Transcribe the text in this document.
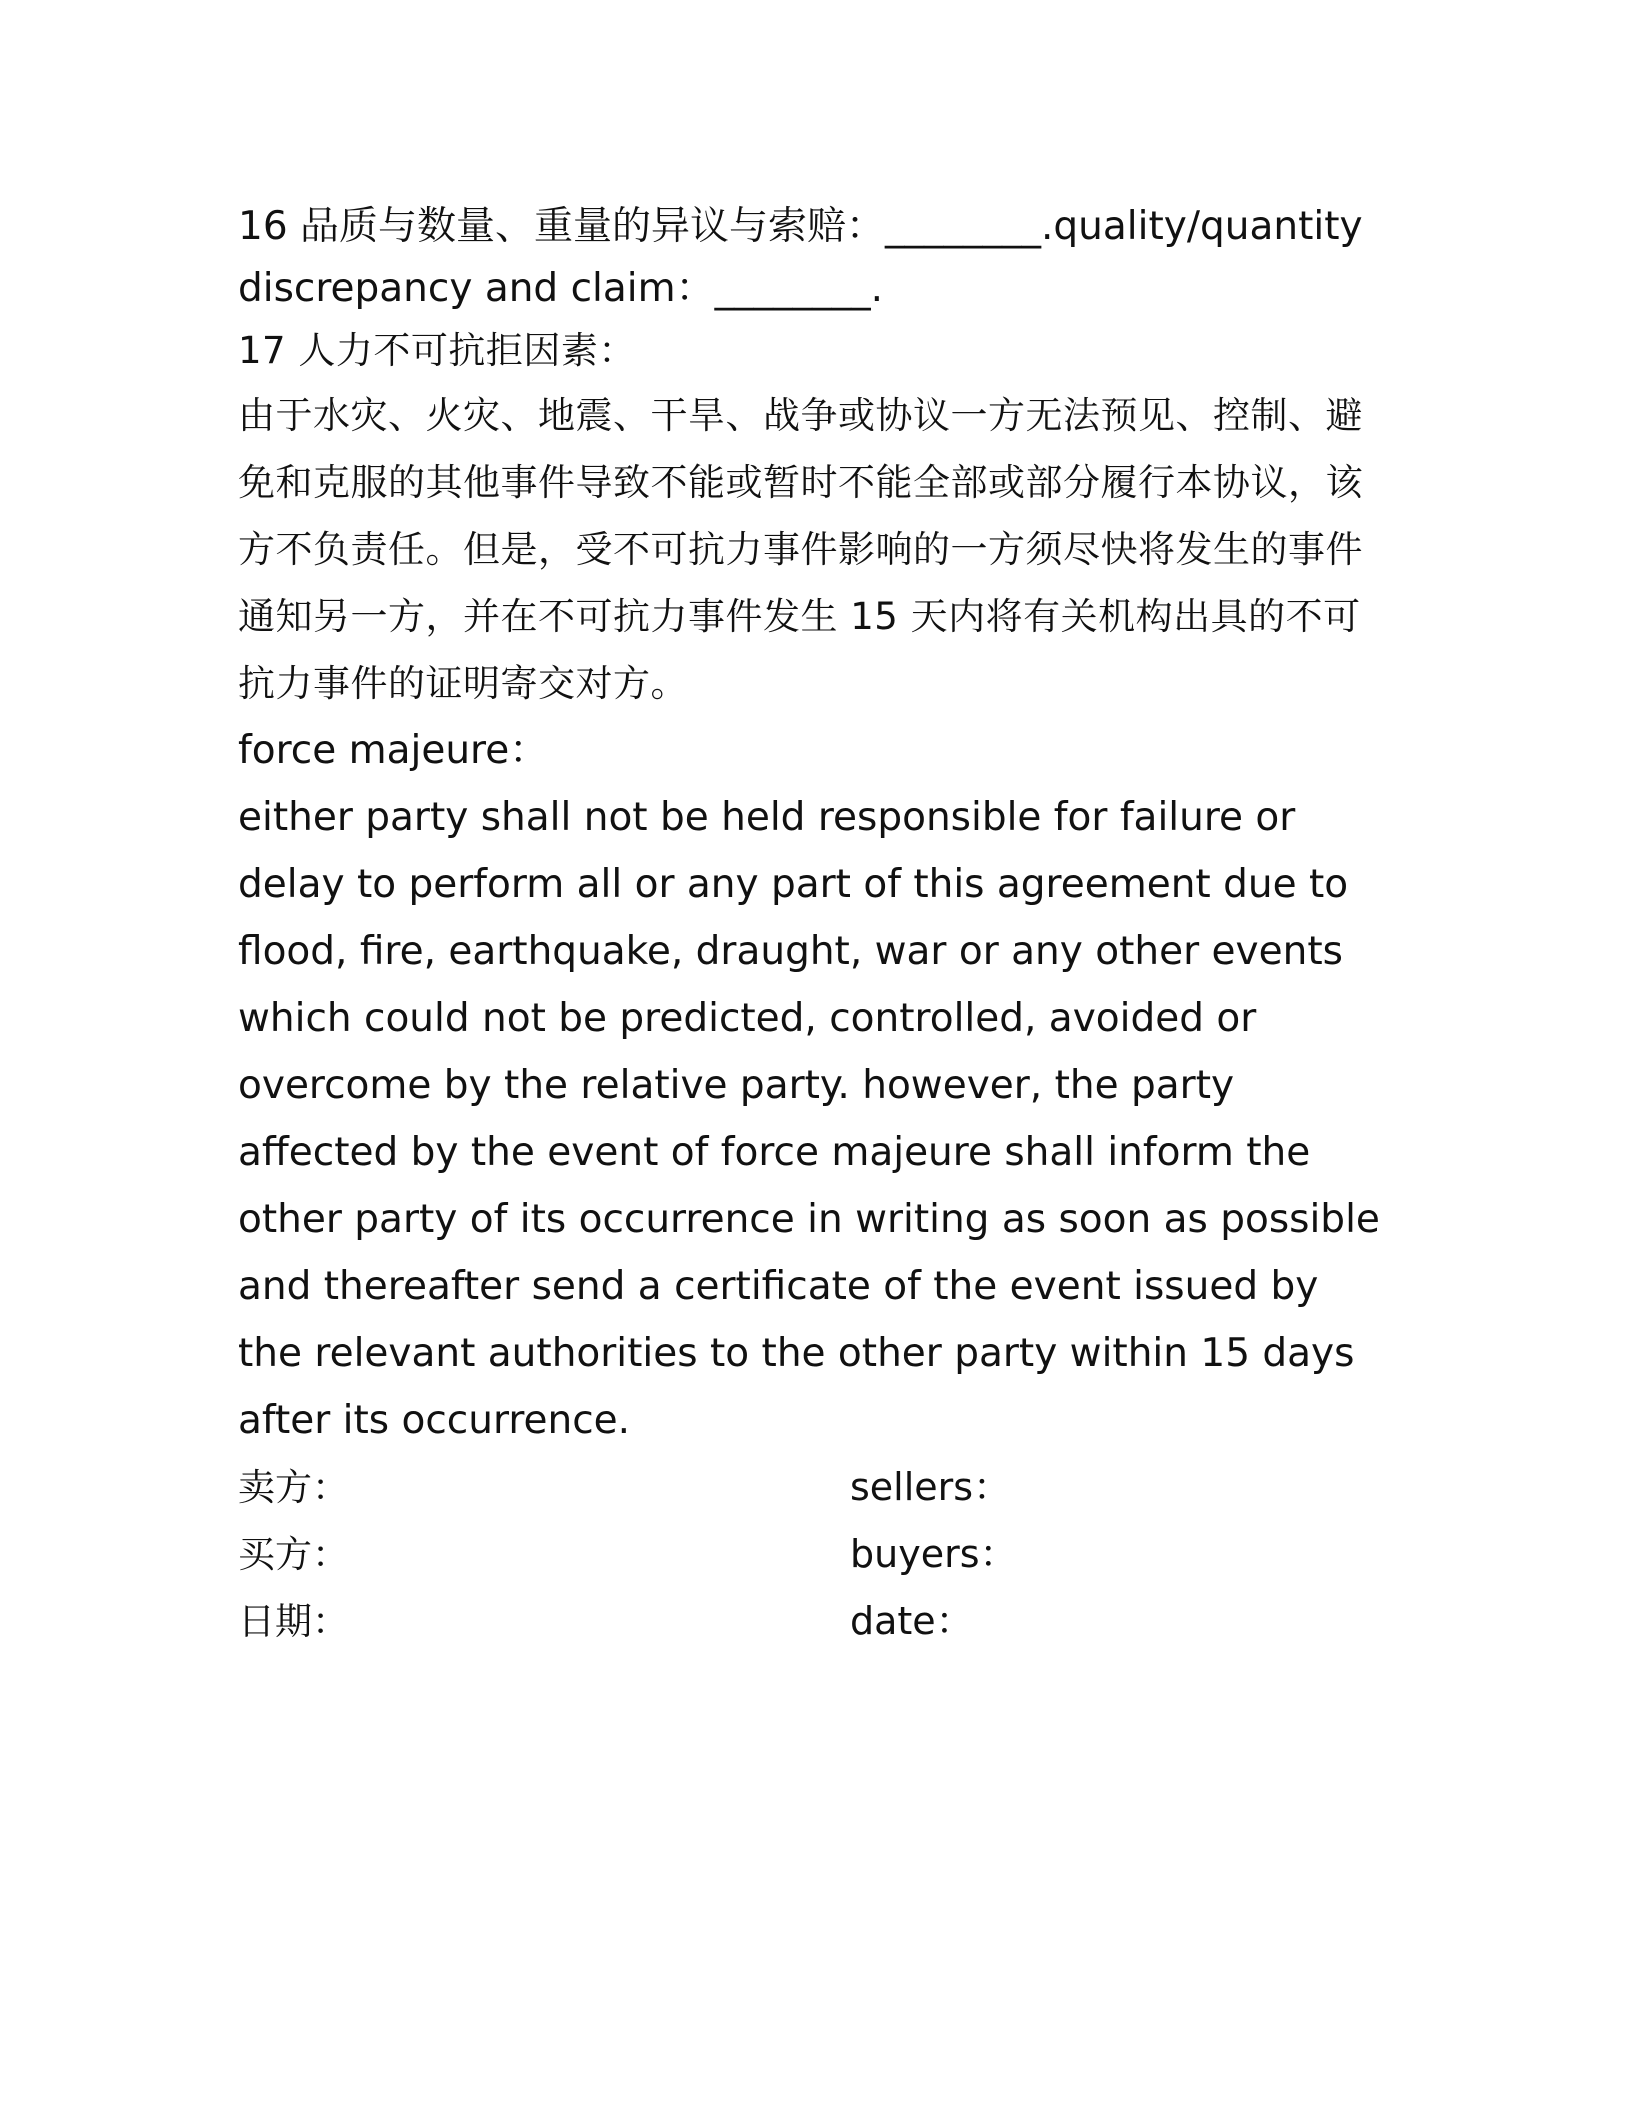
16 品质与数量、重量的异议与索赔：________.quality/quantity
discrepancy and claim：________.
17 人力不可抗拒因素：

由于水灾、火灾、地震、干旱、战争或协议一方无法预见、控制、避免和克服的其他事件导致不能或暂时不能全部或部分履行本协议，该方不负责任。但是，受不可抗力事件影响的一方须尽快将发生的事件通知另一方，并在不可抗力事件发生 15 天内将有关机构出具的不可抗力事件的证明寄交对方。

force majeure：

either party shall not be held responsible for failure or delay to perform all or any part of this agreement due to flood, fire, earthquake, draught, war or any other events which could not be predicted, controlled, avoided or overcome by the relative party. however, the party affected by the event of force majeure shall inform the other party of its occurrence in writing as soon as possible and thereafter send a certificate of the event issued by the relevant authorities to the other party within 15 days after its occurrence.

卖方：	sellers：
买方：	buyers：
日期：	date：
